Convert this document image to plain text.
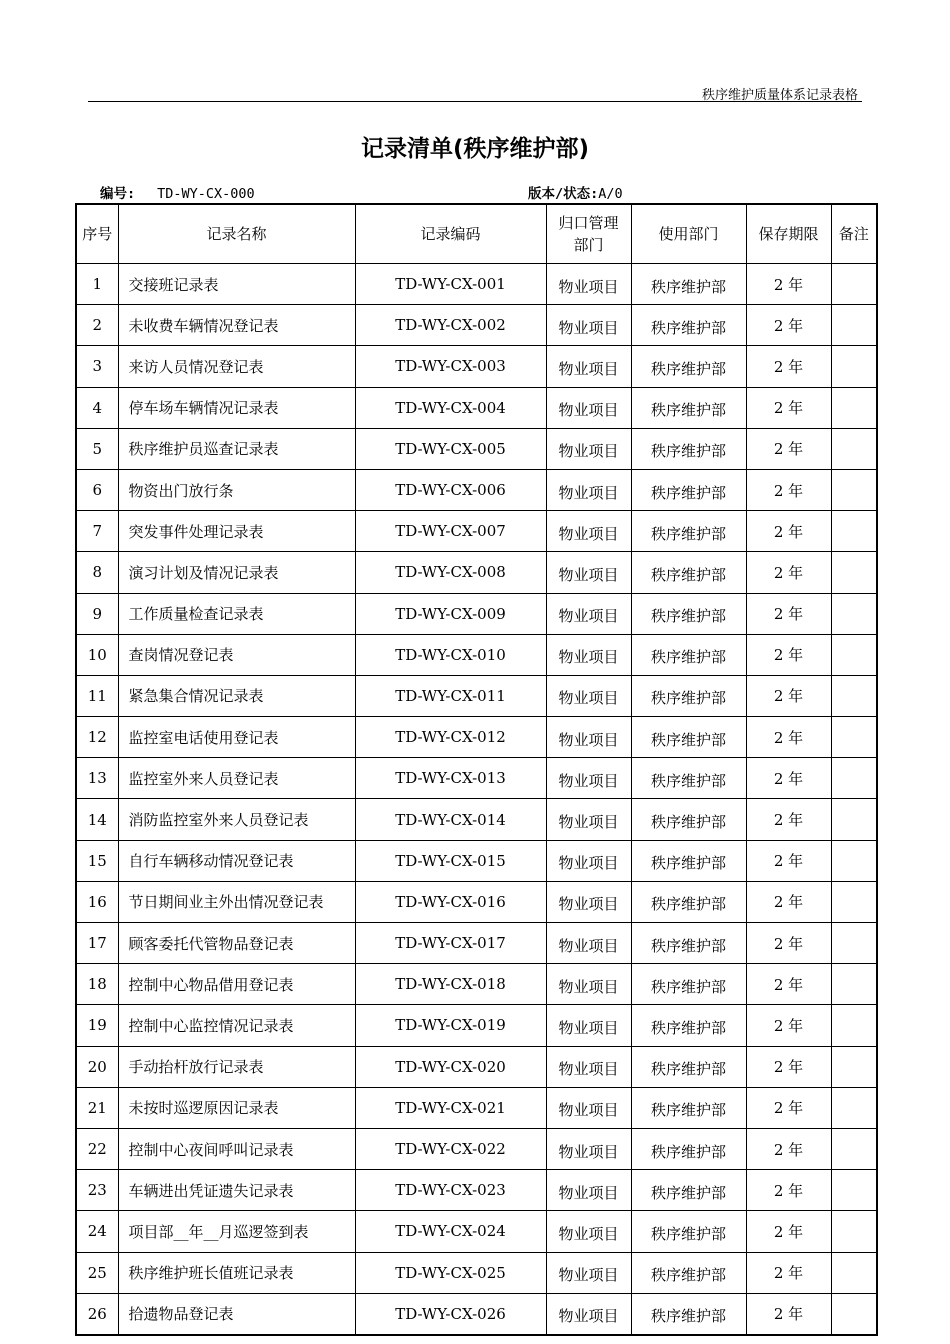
秩序维护质量体系记录表格
记录清单(秩序维护部)
编号: TD-WY-CX-000	版本/状态:A/0
序号	记录名称	记录编码	归口管理部门	使用部门	保存期限	备注
1	交接班记录表	TD-WY-CX-001	物业项目	秩序维护部	2 年	
2	未收费车辆情况登记表	TD-WY-CX-002	物业项目	秩序维护部	2 年	
3	来访人员情况登记表	TD-WY-CX-003	物业项目	秩序维护部	2 年	
4	停车场车辆情况记录表	TD-WY-CX-004	物业项目	秩序维护部	2 年	
5	秩序维护员巡查记录表	TD-WY-CX-005	物业项目	秩序维护部	2 年	
6	物资出门放行条	TD-WY-CX-006	物业项目	秩序维护部	2 年	
7	突发事件处理记录表	TD-WY-CX-007	物业项目	秩序维护部	2 年	
8	演习计划及情况记录表	TD-WY-CX-008	物业项目	秩序维护部	2 年	
9	工作质量检查记录表	TD-WY-CX-009	物业项目	秩序维护部	2 年	
10	查岗情况登记表	TD-WY-CX-010	物业项目	秩序维护部	2 年	
11	紧急集合情况记录表	TD-WY-CX-011	物业项目	秩序维护部	2 年	
12	监控室电话使用登记表	TD-WY-CX-012	物业项目	秩序维护部	2 年	
13	监控室外来人员登记表	TD-WY-CX-013	物业项目	秩序维护部	2 年	
14	消防监控室外来人员登记表	TD-WY-CX-014	物业项目	秩序维护部	2 年	
15	自行车辆移动情况登记表	TD-WY-CX-015	物业项目	秩序维护部	2 年	
16	节日期间业主外出情况登记表	TD-WY-CX-016	物业项目	秩序维护部	2 年	
17	顾客委托代管物品登记表	TD-WY-CX-017	物业项目	秩序维护部	2 年	
18	控制中心物品借用登记表	TD-WY-CX-018	物业项目	秩序维护部	2 年	
19	控制中心监控情况记录表	TD-WY-CX-019	物业项目	秩序维护部	2 年	
20	手动抬杆放行记录表	TD-WY-CX-020	物业项目	秩序维护部	2 年	
21	未按时巡逻原因记录表	TD-WY-CX-021	物业项目	秩序维护部	2 年	
22	控制中心夜间呼叫记录表	TD-WY-CX-022	物业项目	秩序维护部	2 年	
23	车辆进出凭证遗失记录表	TD-WY-CX-023	物业项目	秩序维护部	2 年	
24	项目部__年__月巡逻签到表	TD-WY-CX-024	物业项目	秩序维护部	2 年	
25	秩序维护班长值班记录表	TD-WY-CX-025	物业项目	秩序维护部	2 年	
26	拾遗物品登记表	TD-WY-CX-026	物业项目	秩序维护部	2 年	
